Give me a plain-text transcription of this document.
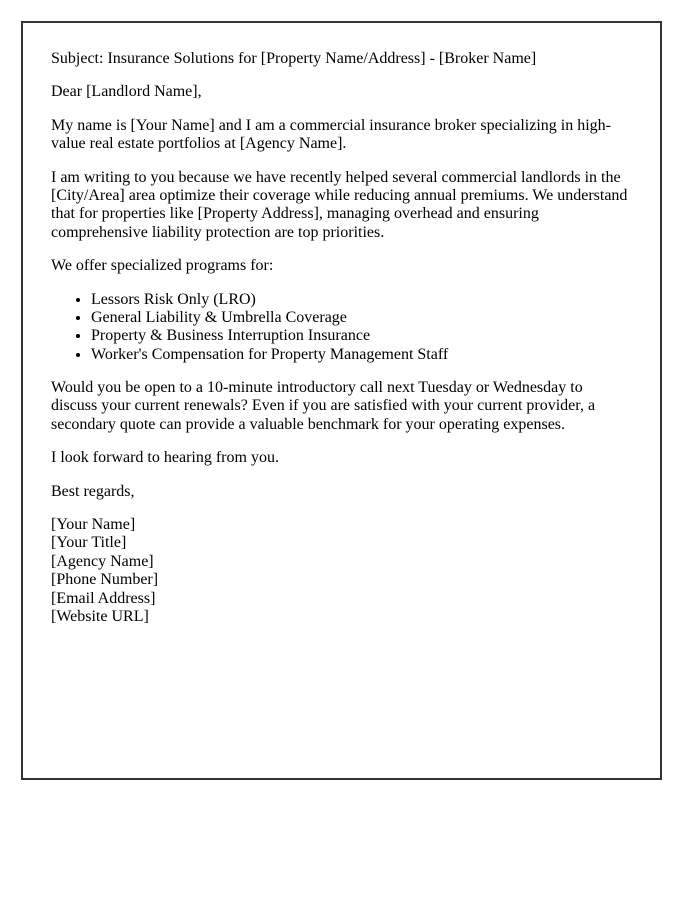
Subject: Insurance Solutions for [Property Name/Address] - [Broker Name]

Dear [Landlord Name],

My name is [Your Name] and I am a commercial insurance broker specializing in high-value real estate portfolios at [Agency Name].

I am writing to you because we have recently helped several commercial landlords in the [City/Area] area optimize their coverage while reducing annual premiums. We understand that for properties like [Property Address], managing overhead and ensuring comprehensive liability protection are top priorities.

We offer specialized programs for:

• Lessors Risk Only (LRO)
• General Liability & Umbrella Coverage
• Property & Business Interruption Insurance
• Worker's Compensation for Property Management Staff

Would you be open to a 10-minute introductory call next Tuesday or Wednesday to discuss your current renewals? Even if you are satisfied with your current provider, a secondary quote can provide a valuable benchmark for your operating expenses.

I look forward to hearing from you.

Best regards,

[Your Name]
[Your Title]
[Agency Name]
[Phone Number]
[Email Address]
[Website URL]
